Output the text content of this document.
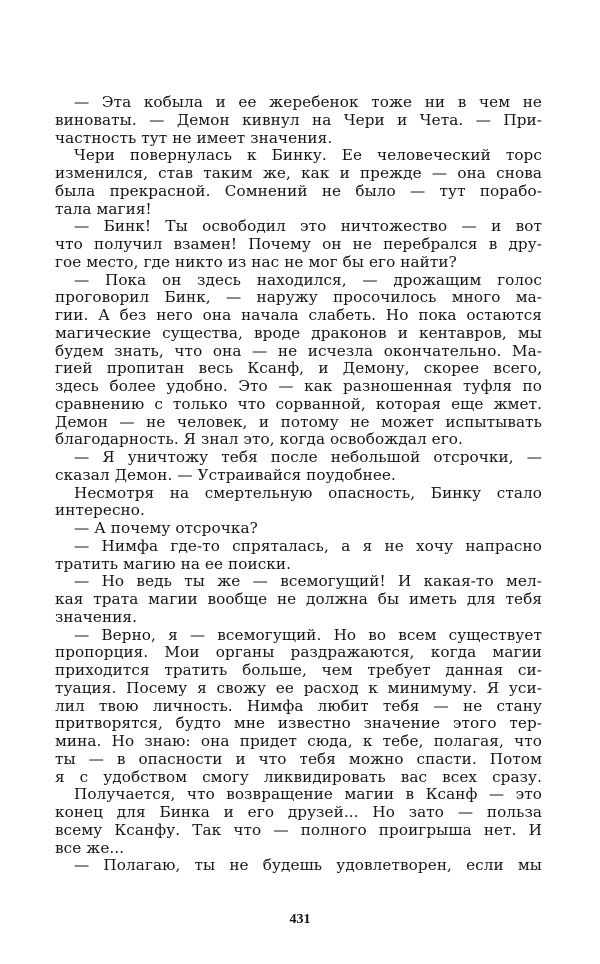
— Эта кобыла и ее жеребенок тоже ни в чем не
виноваты. — Демон кивнул на Чери и Чета. — При-
частность тут не имеет значения.
Чери повернулась к Бинку. Ее человеческий торс
изменился, став таким же, как и прежде — она снова
была прекрасной. Сомнений не было — тут порабо-
тала магия!
— Бинк! Ты освободил это ничтожество — и вот
что получил взамен! Почему он не перебрался в дру-
гое место, где никто из нас не мог бы его найти?
— Пока он здесь находился, — дрожащим голос
проговорил Бинк, — наружу просочилось много ма-
гии. А без него она начала слабеть. Но пока остаются
магические существа, вроде драконов и кентавров, мы
будем знать, что она — не исчезла окончательно. Ма-
гией пропитан весь Ксанф, и Демону, скорее всего,
здесь более удобно. Это — как разношенная туфля по
сравнению с только что сорванной, которая еще жмет.
Демон — не человек, и потому не может испытывать
благодарность. Я знал это, когда освобождал его.
— Я уничтожу тебя после небольшой отсрочки, —
сказал Демон. — Устраивайся поудобнее.
Несмотря на смертельную опасность, Бинку стало
интересно.
— А почему отсрочка?
— Нимфа где-то спряталась, а я не хочу напрасно
тратить магию на ее поиски.
— Но ведь ты же — всемогущий! И какая-то мел-
кая трата магии вообще не должна бы иметь для тебя
значения.
— Верно, я — всемогущий. Но во всем существует
пропорция. Мои органы раздражаются, когда магии
приходится тратить больше, чем требует данная си-
туация. Посему я свожу ее расход к минимуму. Я уси-
лил твою личность. Нимфа любит тебя — не стану
притворятся, будто мне известно значение этого тер-
мина. Но знаю: она придет сюда, к тебе, полагая, что
ты — в опасности и что тебя можно спасти. Потом
я с удобством смогу ликвидировать вас всех сразу.
Получается, что возвращение магии в Ксанф — это
конец для Бинка и его друзей... Но зато — польза
всему Ксанфу. Так что — полного проигрыша нет. И
все же...
— Полагаю, ты не будешь удовлетворен, если мы
431
